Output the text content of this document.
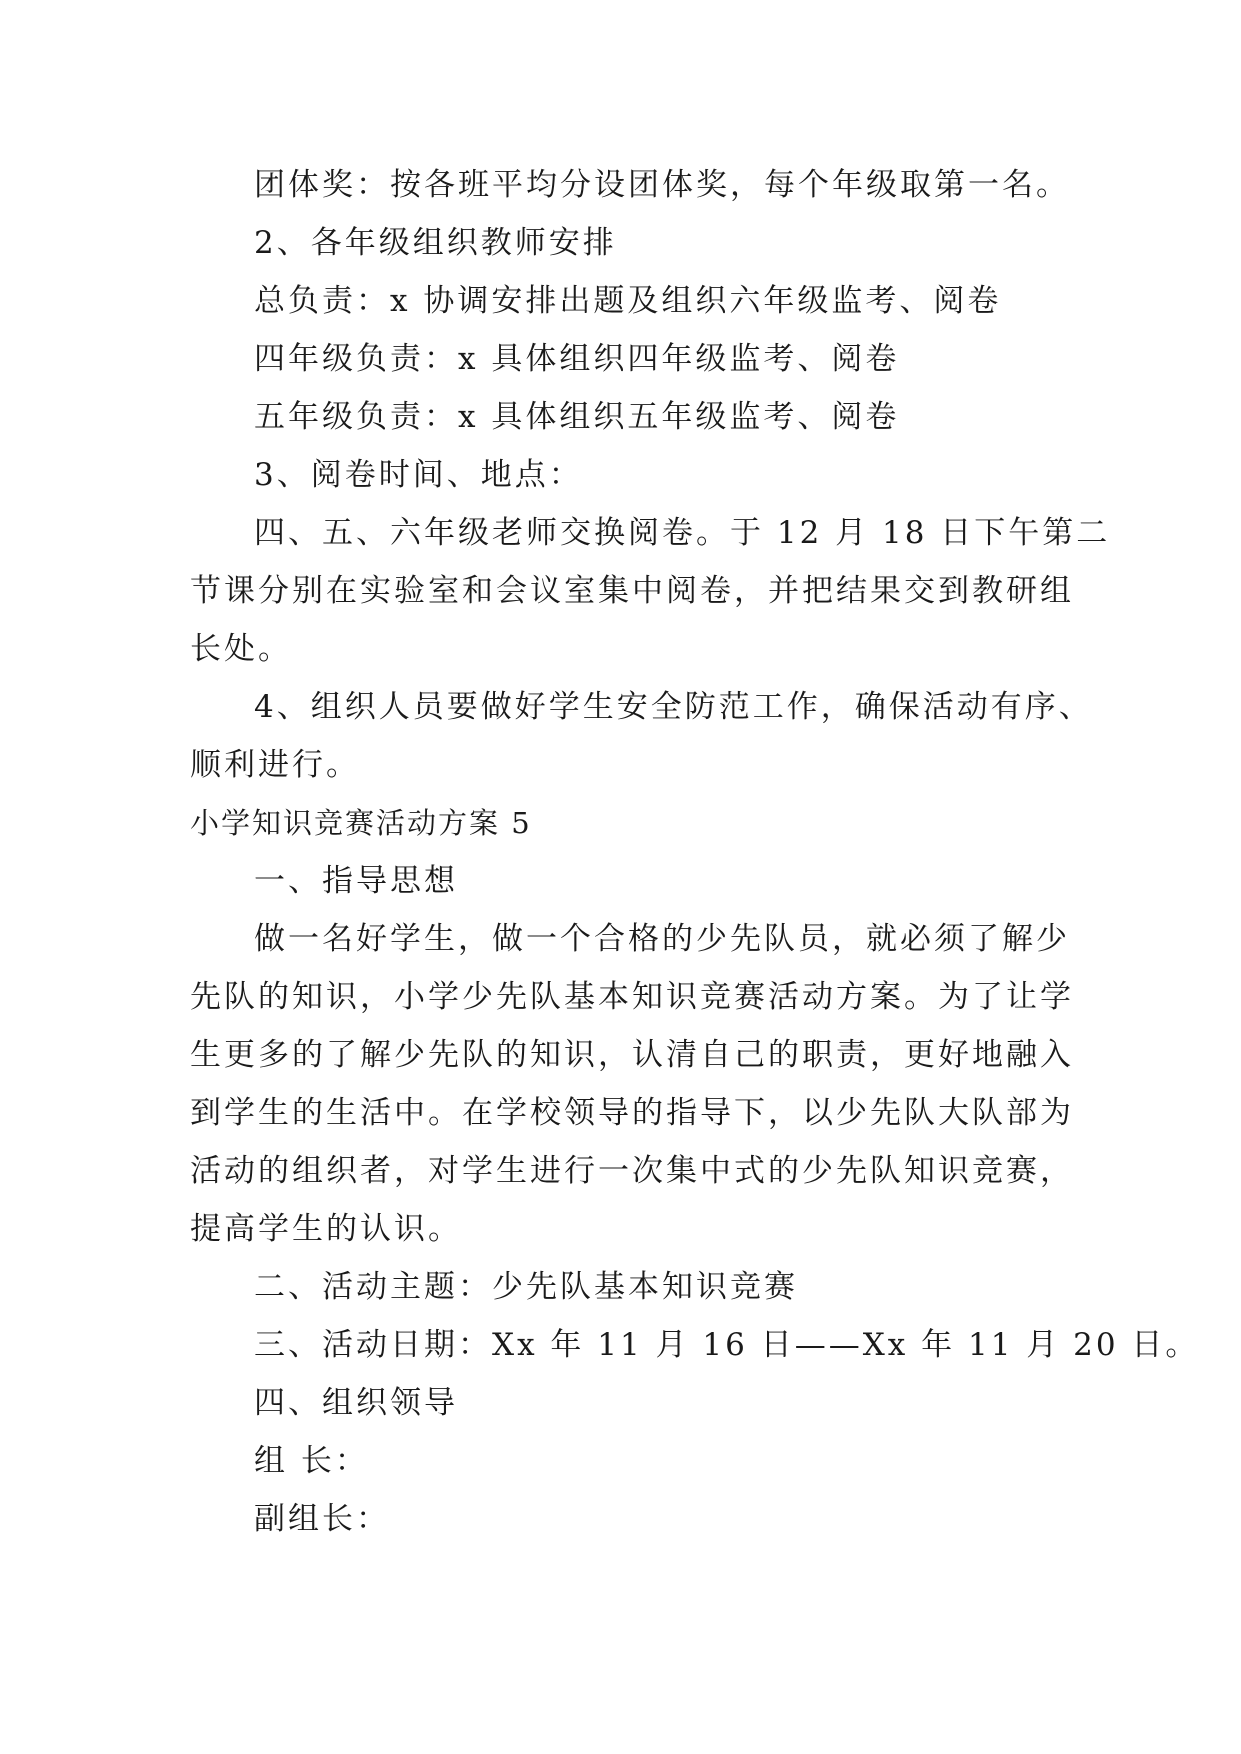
团体奖：按各班平均分设团体奖，每个年级取第一名。

2、各年级组织教师安排

总负责：x 协调安排出题及组织六年级监考、阅卷

四年级负责：x 具体组织四年级监考、阅卷

五年级负责：x 具体组织五年级监考、阅卷

3、阅卷时间、地点：

四、五、六年级老师交换阅卷。于 12 月 18 日下午第二

节课分别在实验室和会议室集中阅卷，并把结果交到教研组

长处。

4、组织人员要做好学生安全防范工作，确保活动有序、

顺利进行。

小学知识竞赛活动方案 5

一、指导思想

做一名好学生，做一个合格的少先队员，就必须了解少

先队的知识，小学少先队基本知识竞赛活动方案。为了让学

生更多的了解少先队的知识，认清自己的职责，更好地融入

到学生的生活中。在学校领导的指导下，以少先队大队部为

活动的组织者，对学生进行一次集中式的少先队知识竞赛，

提高学生的认识。

二、活动主题：少先队基本知识竞赛

三、活动日期：Xx 年 11 月 16 日——Xx 年 11 月 20 日。

四、组织领导

组 长：

副组长：
